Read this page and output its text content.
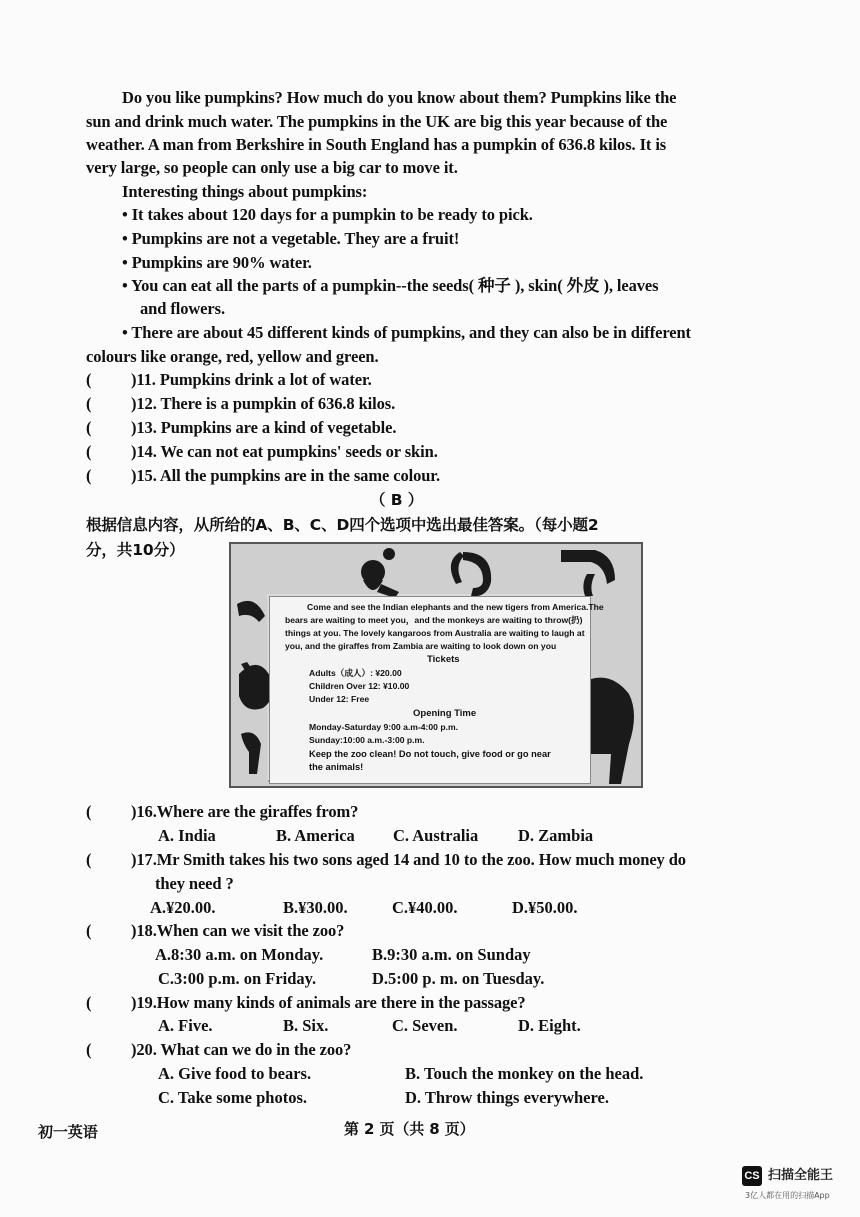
Do you like pumpkins? How much do you know about them? Pumpkins like the
sun and drink much water. The pumpkins in the UK are big this year because of the
weather. A man from Berkshire in South England has a pumpkin of 636.8 kilos. It is
very large, so people can only use a big car to move it.
Interesting things about pumpkins:
• It takes about 120 days for a pumpkin to be ready to pick.
• Pumpkins are not a vegetable. They are a fruit!
• Pumpkins are 90% water.
• You can eat all the parts of a pumpkin--the seeds( 种子 ), skin( 外皮 ), leaves
and flowers.
• There are about 45 different kinds of pumpkins, and they can also be in different
colours like orange, red, yellow and green.
( )11. Pumpkins drink a lot of water.
( )12. There is a pumpkin of 636.8 kilos.
( )13. Pumpkins are a kind of vegetable.
( )14. We can not eat pumpkins' seeds or skin.
( )15. All the pumpkins are in the same colour.
（ B ）
根据信息内容，从所给的A、B、C、D四个选项中选出最佳答案。（每小题2
分，共10分）
Come and see the Indian elephants and the new tigers from America.The
bears are waiting to meet you，and the monkeys are waiting to throw(扔)
things at you. The lovely kangaroos from Australia are waiting to laugh at
you, and the giraffes from Zambia are waiting to look down on you
Tickets
Adults（成人）: ¥20.00
Children Over 12: ¥10.00
Under 12: Free
Opening Time
Monday-Saturday 9:00 a.m-4:00 p.m.
Sunday:10:00 a.m.-3:00 p.m.
Keep the zoo clean! Do not touch, give food or go near
the animals!
( )16.Where are the giraffes from?
A. India	B. America C. Australia D. Zambia
( )17.Mr Smith takes his two sons aged 14 and 10 to the zoo. How much money do
they need ?
A.¥20.00.	B.¥30.00.	C.¥40.00.	D.¥50.00.
( )18.When can we visit the zoo?
A.8:30 a.m. on Monday.	B.9:30 a.m. on Sunday
C.3:00 p.m. on Friday.	D.5:00 p. m. on Tuesday.
( )19.How many kinds of animals are there in the passage?
A. Five.	B. Six.	C. Seven.	D. Eight.
( )20. What can we do in the zoo?
A. Give food to bears.	B. Touch the monkey on the head.
C. Take some photos.	D. Throw things everywhere.
初一英语	第 2 页（共 8 页）
CS 扫描全能王
3亿人都在用的扫描App
